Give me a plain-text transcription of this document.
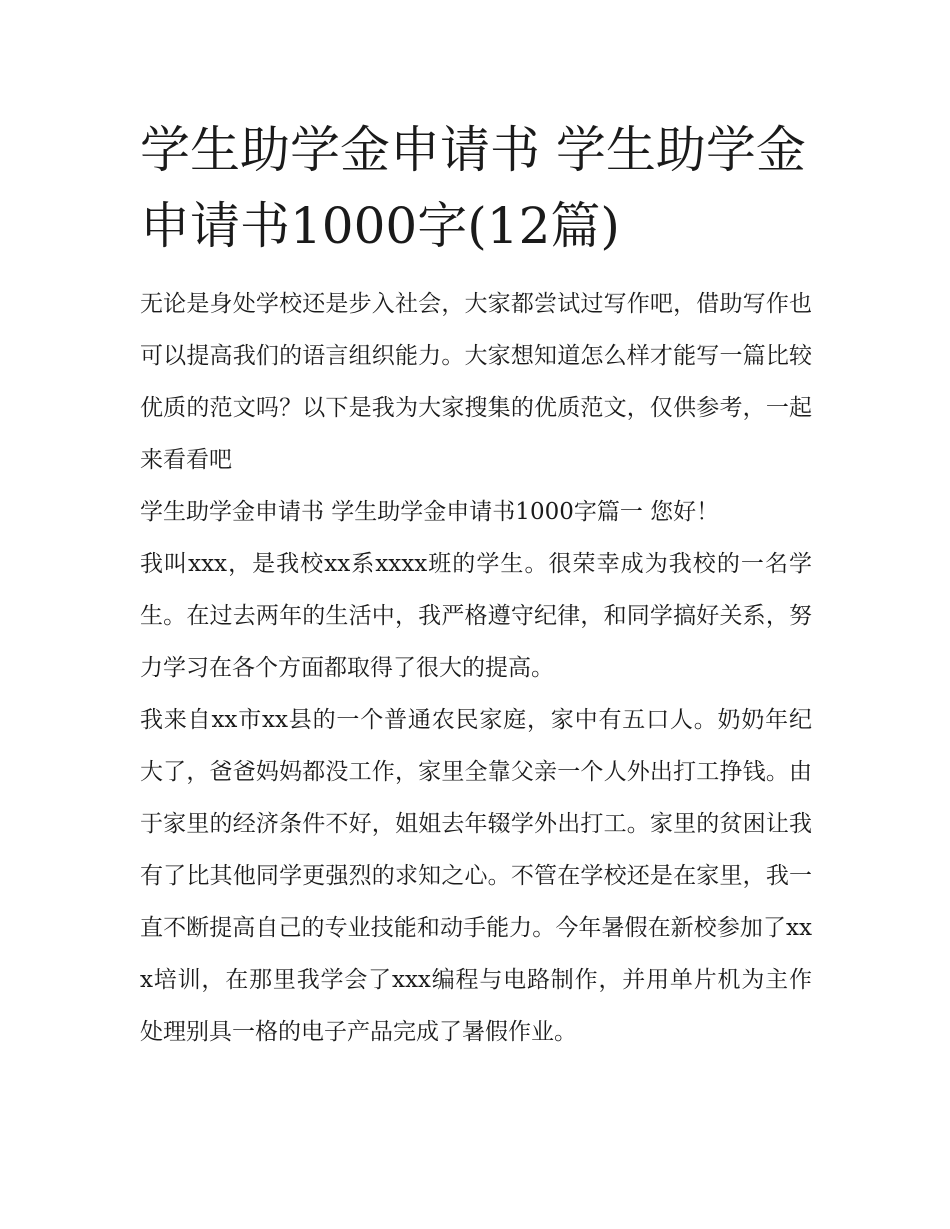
学生助学金申请书 学生助学金申请书1000字(12篇)

无论是身处学校还是步入社会，大家都尝试过写作吧，借助写作也可以提高我们的语言组织能力。大家想知道怎么样才能写一篇比较优质的范文吗？以下是我为大家搜集的优质范文，仅供参考，一起来看看吧

学生助学金申请书 学生助学金申请书1000字篇一 您好！

我叫xxx，是我校xx系xxxx班的学生。很荣幸成为我校的一名学生。在过去两年的生活中，我严格遵守纪律，和同学搞好关系，努力学习在各个方面都取得了很大的提高。

我来自xx市xx县的一个普通农民家庭，家中有五口人。奶奶年纪大了，爸爸妈妈都没工作，家里全靠父亲一个人外出打工挣钱。由于家里的经济条件不好，姐姐去年辍学外出打工。家里的贫困让我有了比其他同学更强烈的求知之心。不管在学校还是在家里，我一直不断提高自己的专业技能和动手能力。今年暑假在新校参加了xxx培训，在那里我学会了xxx编程与电路制作，并用单片机为主作处理别具一格的电子产品完成了暑假作业。
